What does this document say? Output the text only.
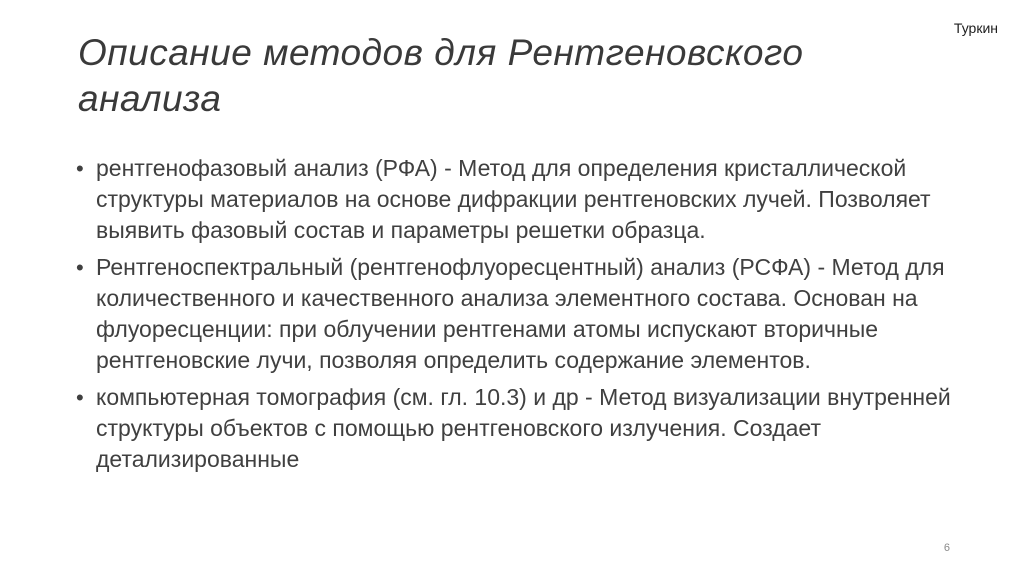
Туркин
Описание методов для Рентгеновского анализа
• рентгенофазовый анализ (РФА) - Метод для определения кристаллической структуры материалов на основе дифракции рентгеновских лучей. Позволяет выявить фазовый состав и параметры решетки образца.
• Рентгеноспектральный (рентгенофлуоресцентный) анализ (РСФА) - Метод для количественного и качественного анализа элементного состава. Основан на флуоресценции: при облучении рентгенами атомы испускают вторичные рентгеновские лучи, позволяя определить содержание элементов.
• компьютерная томография (см. гл. 10.3) и др - Метод визуализации внутренней структуры объектов с помощью рентгеновского излучения. Создает детализированные
6
